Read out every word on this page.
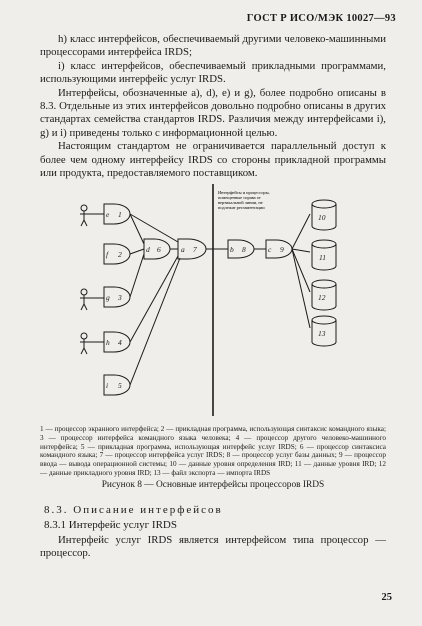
ГОСТ Р ИСО/МЭК 10027—93

h) класс интерфейсов, обеспечиваемый другими человеко-машинными процессорами интерфейса IRDS;

i) класс интерфейсов, обеспечиваемый прикладными программами, использующими интерфейс услуг IRDS.

Интерфейсы, обозначенные a), d), e) и g), более подробно описаны в 8.3. Отдельные из этих интерфейсов довольно подробно описаны в других стандартах семейства стандартов IRDS. Различия между интерфейсами i), g) и i) приведены только с информационной целью.

Настоящим стандартом не ограничивается параллельный доступ к более чем одному интерфейсу IRDS со стороны прикладной программы или продукта, предоставляемого поставщиком.

Интерфейсы и процессоры,
помещенные справа от
вертикальной линии, не
подлежат регламентации
e 1
f 2
g 3
h 4
i 5
d 6	a 7	b 8	c 9
10
11
12
13
1 — процессор экранного интерфейса; 2 — прикладная программа, использующая синтаксис командного языка; 3 — процессор интерфейса командного языка человека; 4 — процессор другого человеко-машинного интерфейса; 5 — прикладная программа, использующая интерфейс услуг IRDS; 6 — процессор синтаксиса командного языка; 7 — процессор интерфейса услуг IRDS; 8 — процессор услуг базы данных; 9 — процессор ввода — вывода операционной системы; 10 — данные уровня определения IRD; 11 — данные уровня IRD; 12 — данные прикладного уровня IRD; 13 — файл экспорта — импорта IRDS
Рисунок 8 — Основные интерфейсы процессоров IRDS
8.3. Описание интерфейсов
8.3.1 Интерфейс услуг IRDS

Интерфейс услуг IRDS является интерфейсом типа процессор — процессор.

25
